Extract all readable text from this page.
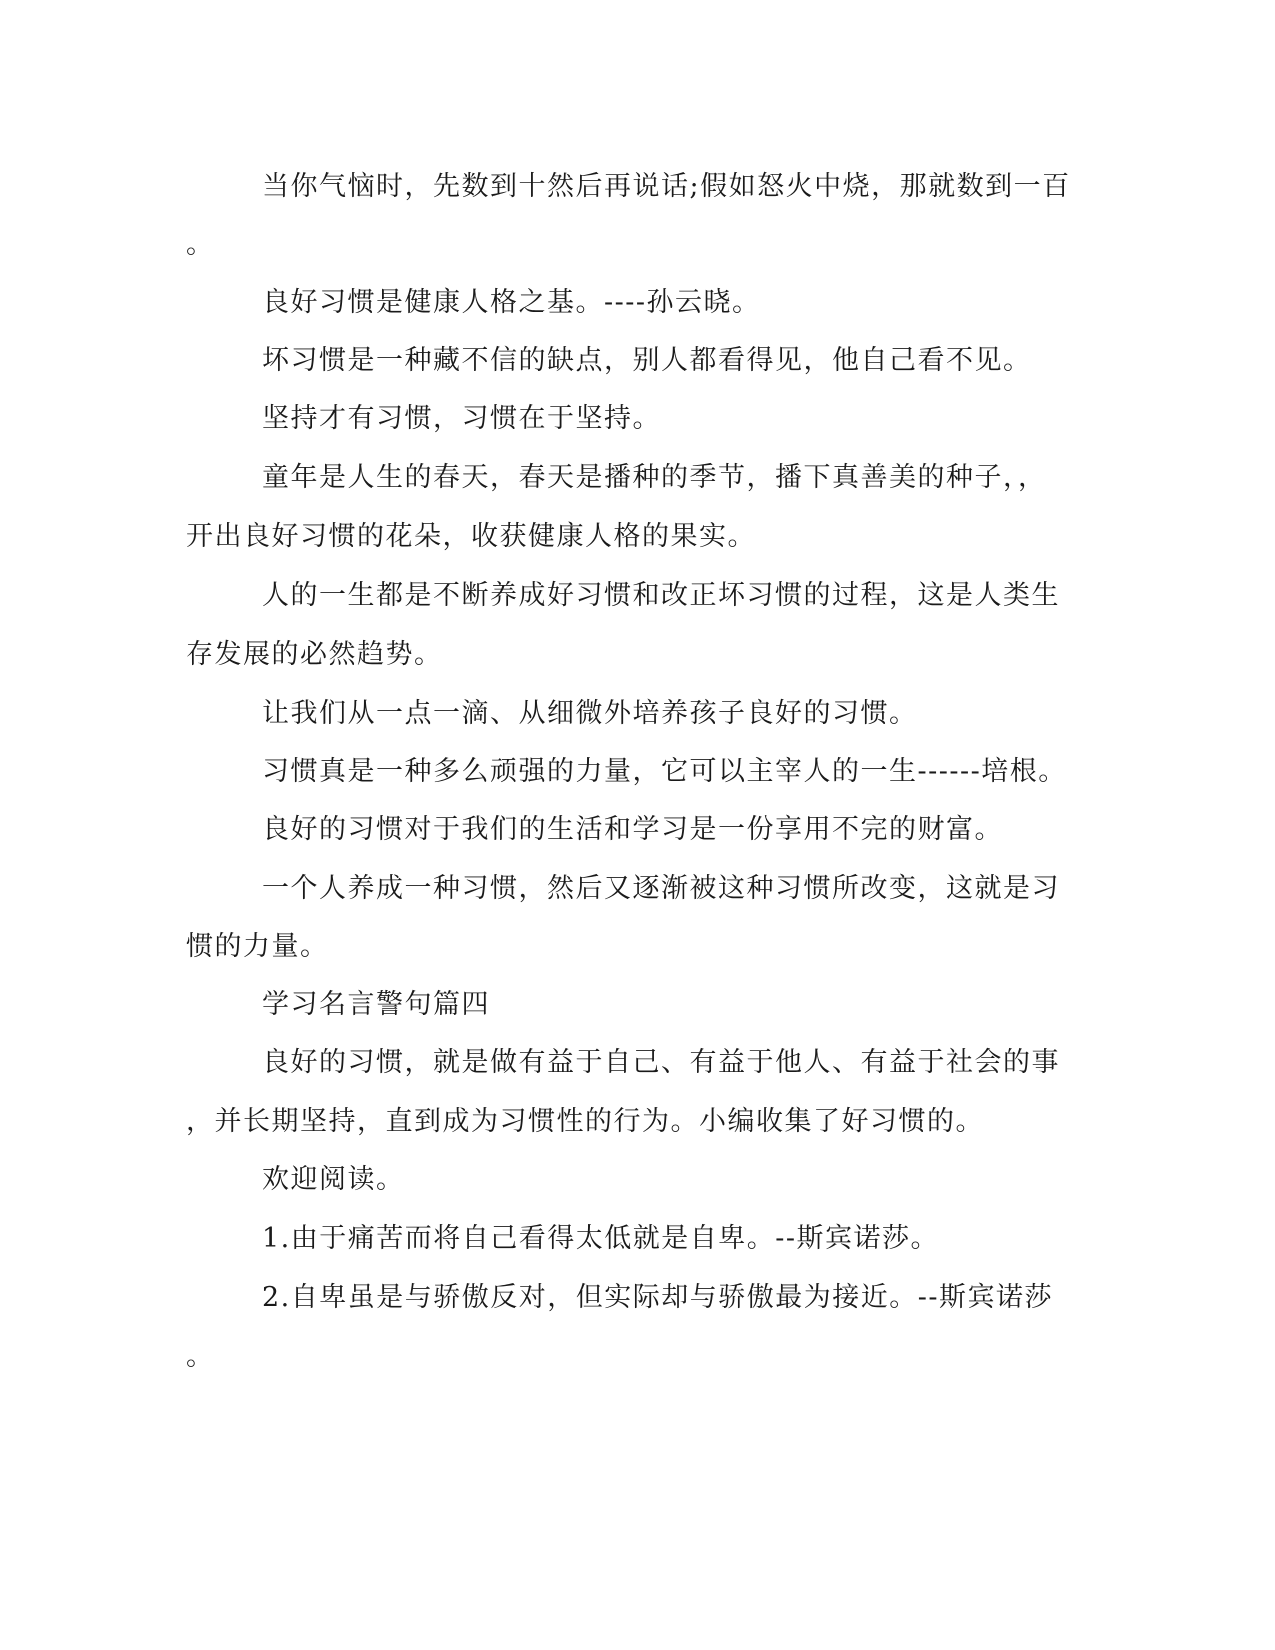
当你气恼时，先数到十然后再说话;假如怒火中烧，那就数到一百
。
良好习惯是健康人格之基。----孙云晓。
坏习惯是一种藏不信的缺点，别人都看得见，他自己看不见。
坚持才有习惯，习惯在于坚持。
童年是人生的春天，春天是播种的季节，播下真善美的种子，，
开出良好习惯的花朵，收获健康人格的果实。
人的一生都是不断养成好习惯和改正坏习惯的过程，这是人类生
存发展的必然趋势。
让我们从一点一滴、从细微外培养孩子良好的习惯。
习惯真是一种多么顽强的力量，它可以主宰人的一生------培根。
良好的习惯对于我们的生活和学习是一份享用不完的财富。
一个人养成一种习惯，然后又逐渐被这种习惯所改变，这就是习
惯的力量。
学习名言警句篇四
良好的习惯，就是做有益于自己、有益于他人、有益于社会的事
，并长期坚持，直到成为习惯性的行为。小编收集了好习惯的。
欢迎阅读。
1.由于痛苦而将自己看得太低就是自卑。--斯宾诺莎。
2.自卑虽是与骄傲反对，但实际却与骄傲最为接近。--斯宾诺莎
。
